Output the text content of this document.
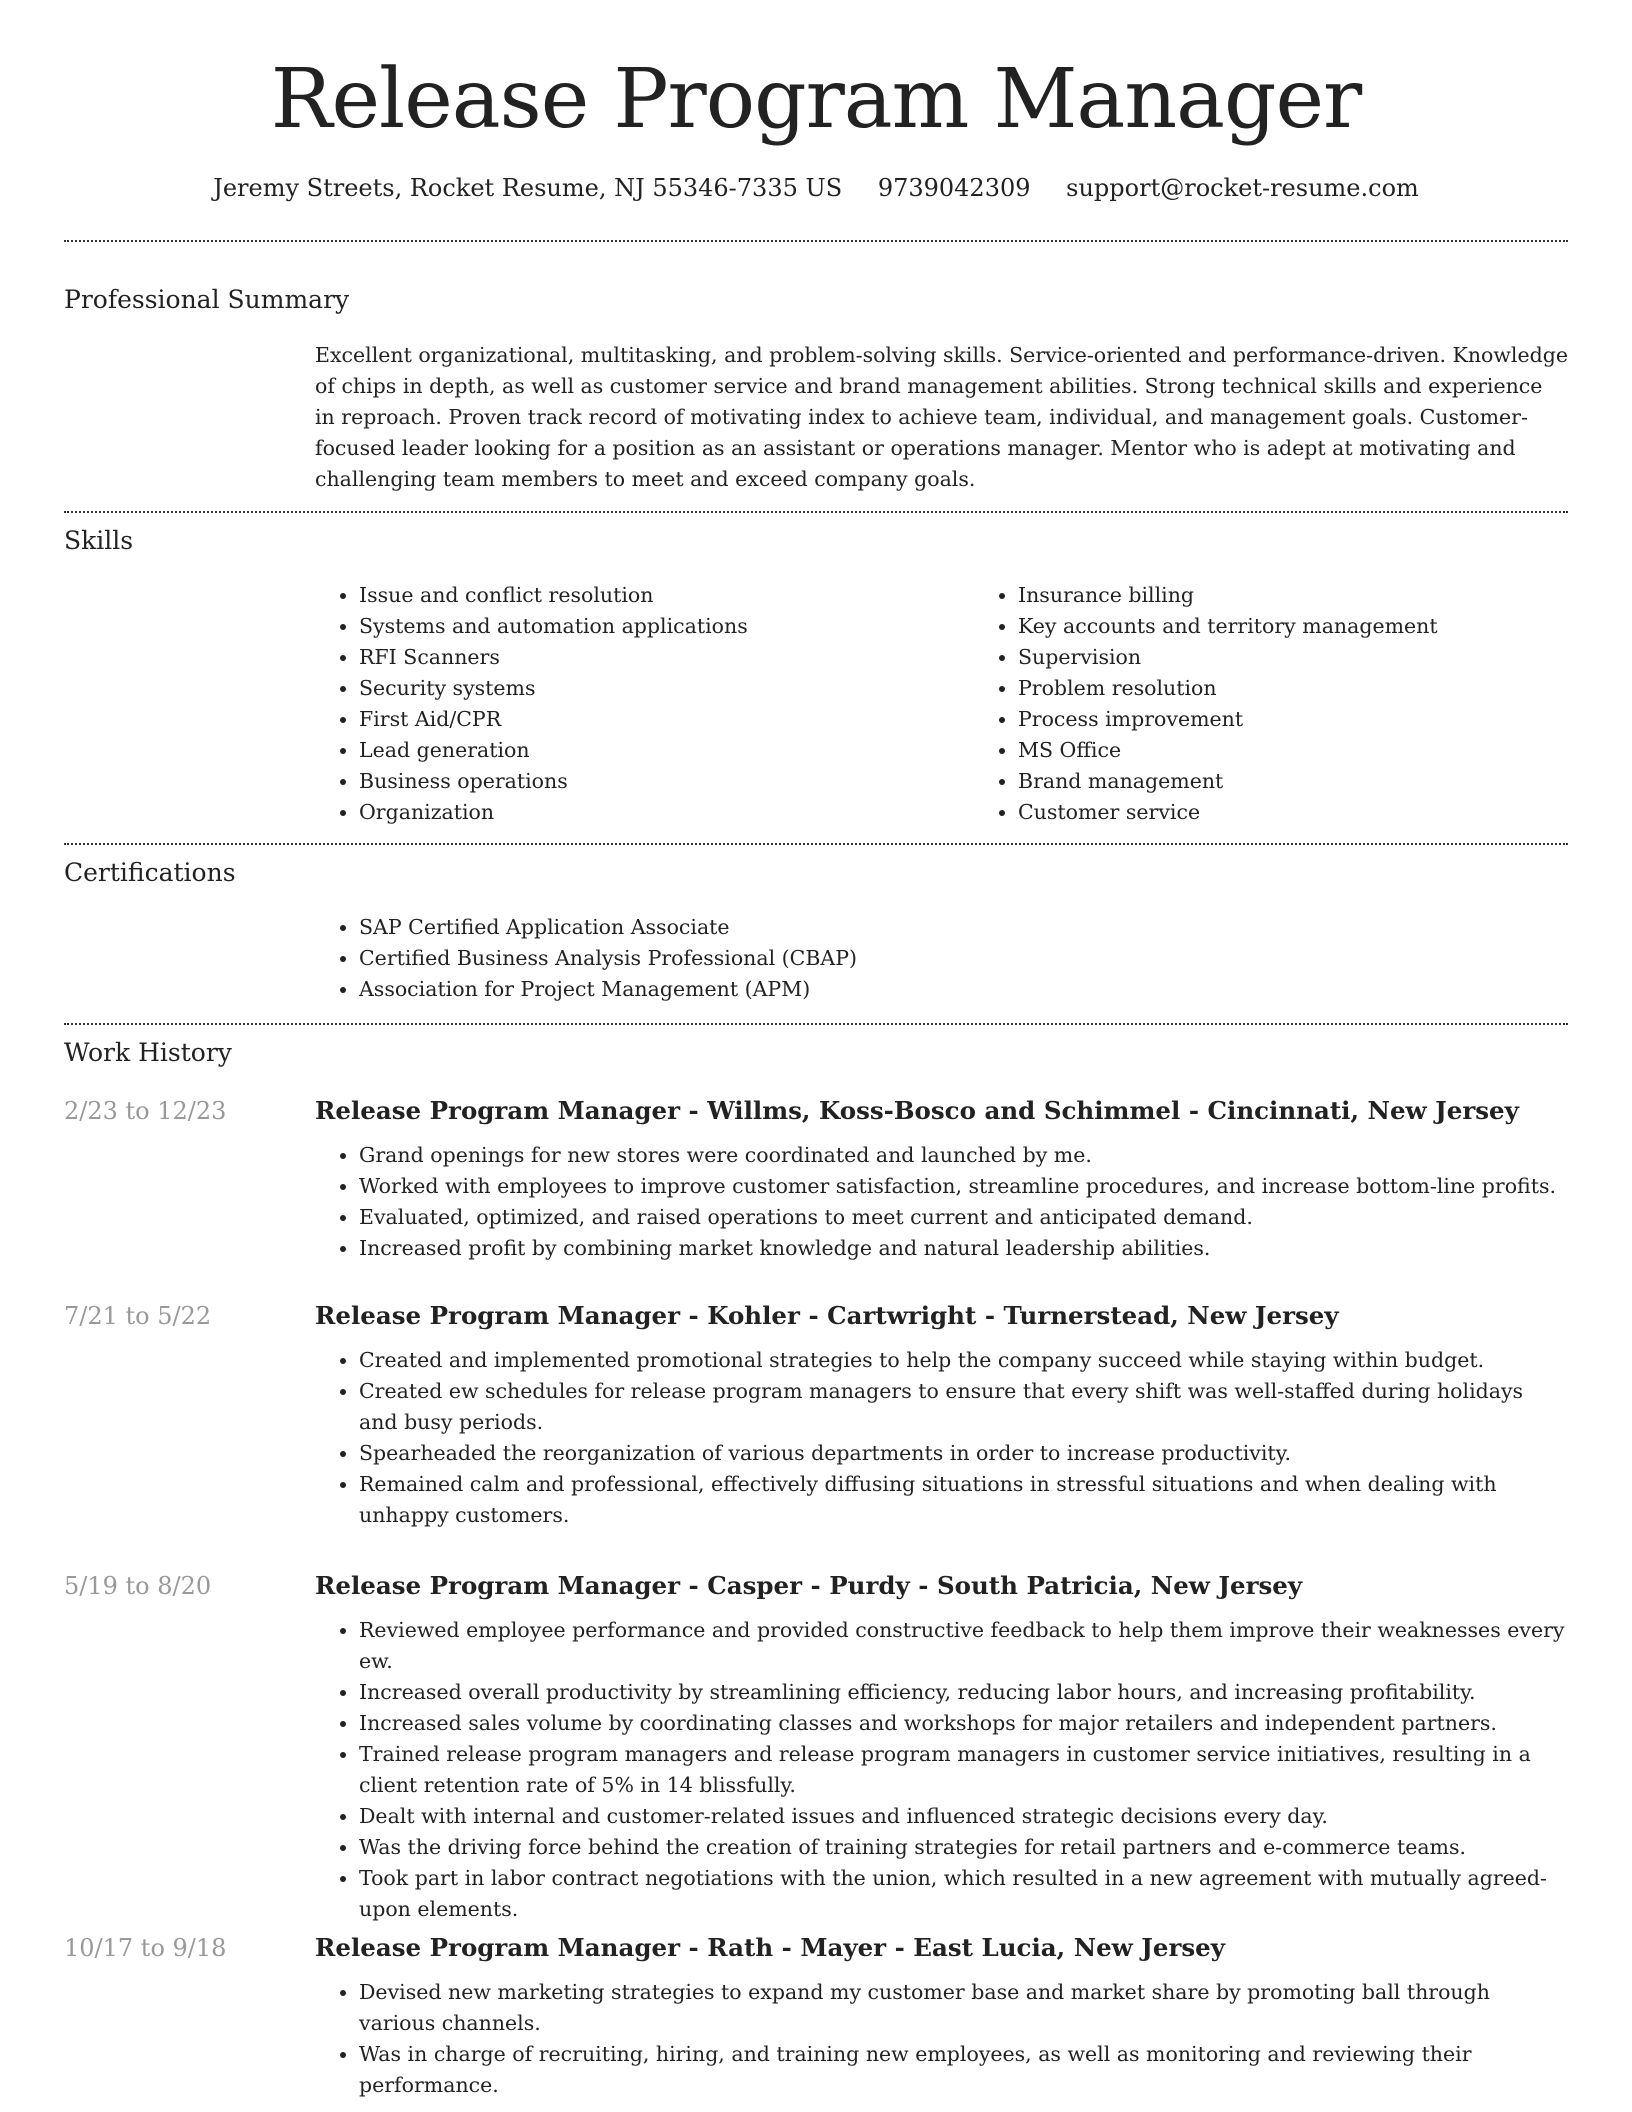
Release Program Manager
Jeremy Streets, Rocket Resume, NJ 55346-7335 US 9739042309 support@rocket-resume.com
Professional Summary

Excellent organizational, multitasking, and problem-solving skills. Service-oriented and performance-driven. Knowledge of chips in depth, as well as customer service and brand management abilities. Strong technical skills and experience in reproach. Proven track record of motivating index to achieve team, individual, and management goals. Customer-focused leader looking for a position as an assistant or operations manager. Mentor who is adept at motivating and challenging team members to meet and exceed company goals.

Skills
• Issue and conflict resolution
• Systems and automation applications
• RFI Scanners
• Security systems
• First Aid/CPR
• Lead generation
• Business operations
• Organization
• Insurance billing
• Key accounts and territory management
• Supervision
• Problem resolution
• Process improvement
• MS Office
• Brand management
• Customer service
Certifications
• SAP Certified Application Associate
• Certified Business Analysis Professional (CBAP)
• Association for Project Management (APM)
Work History
2/23 to 12/23	Release Program Manager - Willms, Koss-Bosco and Schimmel - Cincinnati, New Jersey
• Grand openings for new stores were coordinated and launched by me.
• Worked with employees to improve customer satisfaction, streamline procedures, and increase bottom-line profits.
• Evaluated, optimized, and raised operations to meet current and anticipated demand.
• Increased profit by combining market knowledge and natural leadership abilities.
7/21 to 5/22	Release Program Manager - Kohler - Cartwright - Turnerstead, New Jersey
• Created and implemented promotional strategies to help the company succeed while staying within budget.
• Created ew schedules for release program managers to ensure that every shift was well-staffed during holidays and busy periods.
• Spearheaded the reorganization of various departments in order to increase productivity.
• Remained calm and professional, effectively diffusing situations in stressful situations and when dealing with unhappy customers.
5/19 to 8/20	Release Program Manager - Casper - Purdy - South Patricia, New Jersey
• Reviewed employee performance and provided constructive feedback to help them improve their weaknesses every ew.
• Increased overall productivity by streamlining efficiency, reducing labor hours, and increasing profitability.
• Increased sales volume by coordinating classes and workshops for major retailers and independent partners.
• Trained release program managers and release program managers in customer service initiatives, resulting in a client retention rate of 5% in 14 blissfully.
• Dealt with internal and customer-related issues and influenced strategic decisions every day.
• Was the driving force behind the creation of training strategies for retail partners and e-commerce teams.
• Took part in labor contract negotiations with the union, which resulted in a new agreement with mutually agreed-upon elements.
10/17 to 9/18	Release Program Manager - Rath - Mayer - East Lucia, New Jersey
• Devised new marketing strategies to expand my customer base and market share by promoting ball through various channels.
• Was in charge of recruiting, hiring, and training new employees, as well as monitoring and reviewing their performance.
